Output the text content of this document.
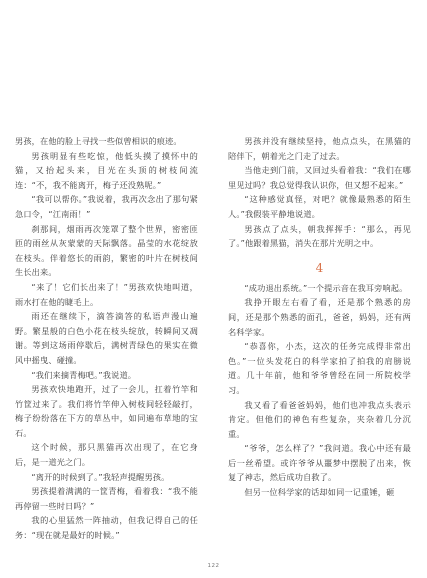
男孩，在他的脸上寻找一些似曾相识的痕迹。

男孩明显有些吃惊，他低头摸了摸怀中的猫，又抬起头来，目光在头顶的树枝间流连：“不，我不能离开，梅子还没熟呢。”

“我可以帮你。”我说着，我再次念出了那句紧急口令，“江南雨！”

刹那间，烟雨再次笼罩了整个世界，密密匝匝的雨丝从灰蒙蒙的天际飘落。晶莹的水花绽放在枝头。伴着悠长的雨韵，繁密的叶片在树枝间生长出来。

“来了！它们长出来了！”男孩欢快地叫道，雨水打在他的睫毛上。

雨还在继续下，滴答滴答的私语声漫山遍野。繁星般的白色小花在枝头绽放，转瞬间又凋谢。等到这场雨停歇后，满树青绿色的果实在微风中摇曳、碰撞。

“我们来摘青梅吧。”我说道。

男孩欢快地跑开，过了一会儿，扛着竹竿和竹筐过来了。我们将竹竿伸入树枝间轻轻敲打，梅子纷纷落在下方的草丛中，如同遍布草地的宝石。

这个时候，那只黑猫再次出现了，在它身后，是一道光之门。

“离开的时候到了。”我轻声提醒男孩。

男孩提着满满的一筐青梅，看着我：“我不能再停留一些时日吗？”

我的心里猛然一阵抽动，但我记得自己的任务：“现在就是最好的时候。”

男孩并没有继续坚持，他点点头，在黑猫的陪伴下，朝着光之门走了过去。

当他走到门前，又回过头看着我：“我们在哪里见过吗？我总觉得我认识你，但又想不起来。”

“这种感觉真怪，对吧？就像最熟悉的陌生人。”我假装平静地说道。

男孩点了点头，朝我挥挥手：“那么，再见了。”他跟着黑猫，消失在那片光明之中。

4

“成功退出系统。”一个提示音在我耳旁响起。

我挣开眼左右看了看，还是那个熟悉的房间，还是那个熟悉的面孔，爸爸，妈妈，还有两名科学家。

“恭喜你，小杰，这次的任务完成得非常出色。”一位头发花白的科学家拍了拍我的肩膀说道。几十年前，他和爷爷曾经在同一所院校学习。

我又看了看爸爸妈妈，他们也冲我点头表示肯定。但他们的神色有些复杂，夹杂着几分沉重。

“爷爷，怎么样了？”我问道。我心中还有最后一丝希望。或许爷爷从噩梦中摆脱了出来，恢复了神志，然后成功自救了。

但另一位科学家的话却如同一记重锤，砸

122
